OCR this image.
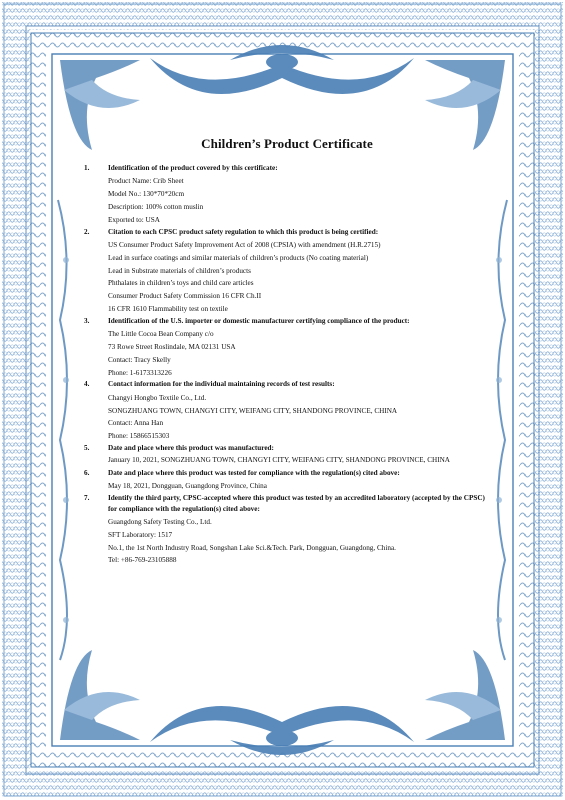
Children’s Product Certificate
1.	Identification of the product covered by this certificate:
Product Name: Crib Sheet
Model No.: 130*70*20cm
Description: 100% cotton muslin
Exported to: USA
2.	Citation to each CPSC product safety regulation to which this product is being certified:
US Consumer Product Safety Improvement Act of 2008 (CPSIA) with amendment (H.R.2715)
Lead in surface coatings and similar materials of children’s products (No coating material)
Lead in Substrate materials of children’s products
Phthalates in children’s toys and child care articles
Consumer Product Safety Commission 16 CFR Ch.II
16 CFR 1610 Flammability test on textile
3.	Identification of the U.S. importer or domestic manufacturer certifying compliance of the product:
The Little Cocoa Bean Company c/o
73 Rowe Street Roslindale, MA 02131 USA
Contact: Tracy Skelly
Phone: 1-6173313226
4.	Contact information for the individual maintaining records of test results:
Changyi Hongbo Textile Co., Ltd.
SONGZHUANG TOWN, CHANGYI CITY, WEIFANG CITY, SHANDONG PROVINCE, CHINA
Contact: Anna Han
Phone: 15866515303
5.	Date and place where this product was manufactured:
January 10, 2021, SONGZHUANG TOWN, CHANGYI CITY, WEIFANG CITY, SHANDONG PROVINCE, CHINA
6.	Date and place where this product was tested for compliance with the regulation(s) cited above:
May 18, 2021, Dongguan, Guangdong Province, China
7.	Identify the third party, CPSC-accepted where this product was tested by an accredited laboratory (accepted by the CPSC) for compliance with the regulation(s) cited above:
Guangdong Safety Testing Co., Ltd.
SFT Laboratory: 1517
No.1, the 1st North Industry Road, Songshan Lake Sci.&Tech. Park, Dongguan, Guangdong, China.
Tel: +86-769-23105888
